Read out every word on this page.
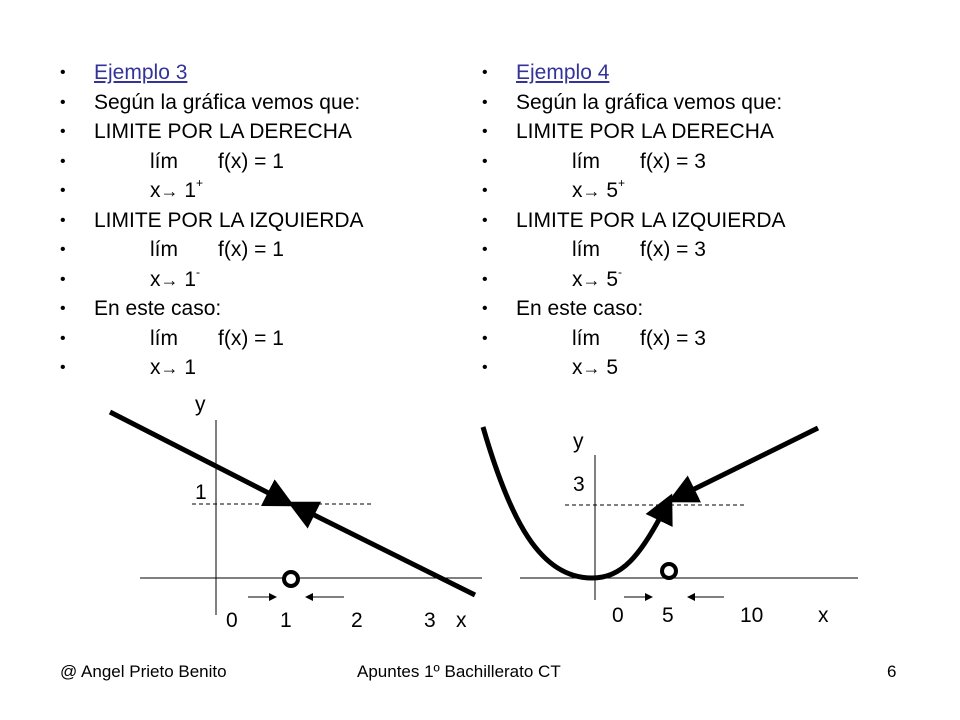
• Ejemplo 3
• Según la gráfica vemos que:
• LIMITE POR LA DERECHA
•	lím f(x) = 1
•	x→ 1+
• LIMITE POR LA IZQUIERDA
•	lím f(x) = 1
•	x→ 1-
• En este caso:
•	lím f(x) = 1
•	x→ 1
• Ejemplo 4
• Según la gráfica vemos que:
• LIMITE POR LA DERECHA
•	lím f(x) = 3
•	x→ 5+
• LIMITE POR LA IZQUIERDA
•	lím f(x) = 3
•	x→ 5-
• En este caso:
•	lím f(x) = 3
•	x→ 5
y
1
0 1	2	3 x
y
3
0 5	10	x
@ Angel Prieto Benito	Apuntes 1º Bachillerato CT	6
